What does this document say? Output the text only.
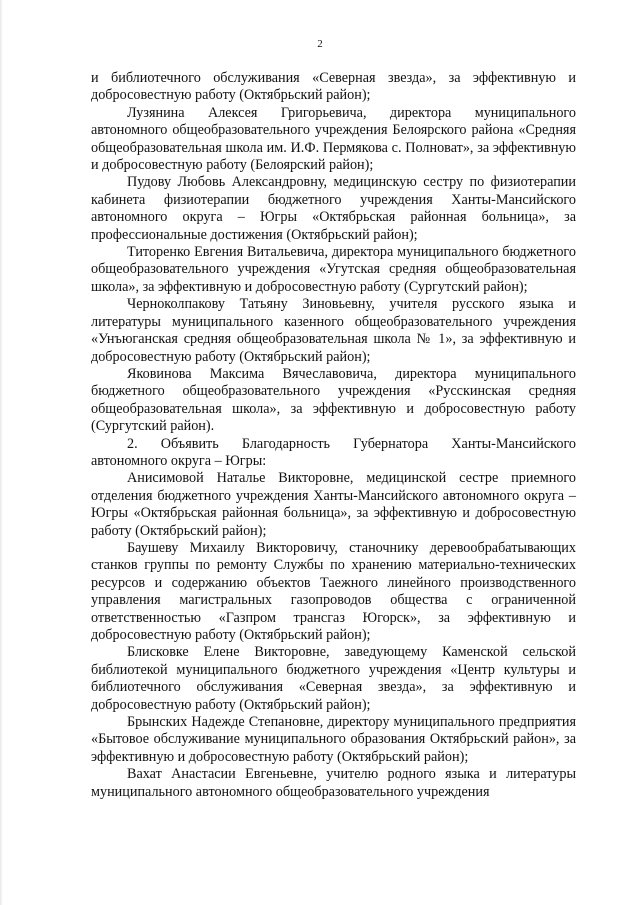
2

и библиотечного обслуживания «Северная звезда», за эффективную и добросовестную работу (Октябрьский район);

Лузянина Алексея Григорьевича, директора муниципального автономного общеобразовательного учреждения Белоярского района «Средняя общеобразовательная школа им. И.Ф. Пермякова с. Полноват», за эффективную и добросовестную работу (Белоярский район);

Пудову Любовь Александровну, медицинскую сестру по физиотерапии кабинета физиотерапии бюджетного учреждения Ханты-Мансийского автономного округа – Югры «Октябрьская районная больница», за профессиональные достижения (Октябрьский район);

Титоренко Евгения Витальевича, директора муниципального бюджетного общеобразовательного учреждения «Угутская средняя общеобразовательная школа», за эффективную и добросовестную работу (Сургутский район);

Черноколпакову Татьяну Зиновьевну, учителя русского языка и литературы муниципального казенного общеобразовательного учреждения «Унъюганская средняя общеобразовательная школа № 1», за эффективную и добросовестную работу (Октябрьский район);

Яковинова Максима Вячеславовича, директора муниципального бюджетного общеобразовательного учреждения «Русскинская средняя общеобразовательная школа», за эффективную и добросовестную работу (Сургутский район).

2. Объявить Благодарность Губернатора Ханты-Мансийского автономного округа – Югры:

Анисимовой Наталье Викторовне, медицинской сестре приемного отделения бюджетного учреждения Ханты-Мансийского автономного округа – Югры «Октябрьская районная больница», за эффективную и добросовестную работу (Октябрьский район);

Баушеву Михаилу Викторовичу, станочнику деревообрабатывающих станков группы по ремонту Службы по хранению материально-технических ресурсов и содержанию объектов Таежного линейного производственного управления магистральных газопроводов общества с ограниченной ответственностью «Газпром трансгаз Югорск», за эффективную и добросовестную работу (Октябрьский район);

Блисковке Елене Викторовне, заведующему Каменской сельской библиотекой муниципального бюджетного учреждения «Центр культуры и библиотечного обслуживания «Северная звезда», за эффективную и добросовестную работу (Октябрьский район);

Брынских Надежде Степановне, директору муниципального предприятия «Бытовое обслуживание муниципального образования Октябрьский район», за эффективную и добросовестную работу (Октябрьский район);

Вахат Анастасии Евгеньевне, учителю родного языка и литературы муниципального автономного общеобразовательного учреждения
